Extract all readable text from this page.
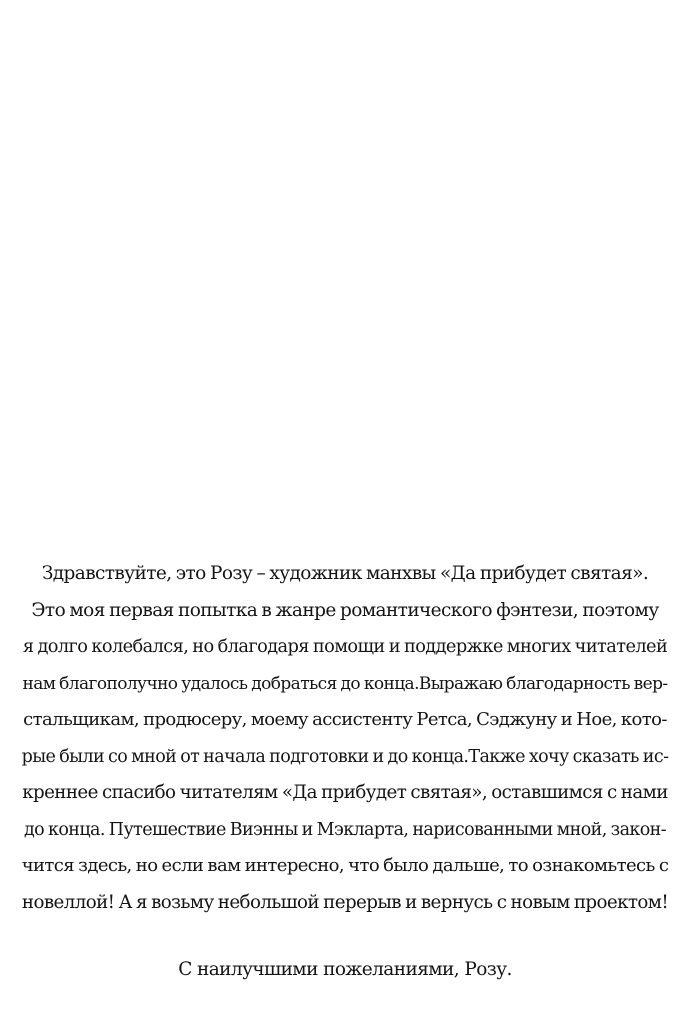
Здравствуйте, это Розу – художник манхвы «Да прибудет святая».
Это моя первая попытка в жанре романтического фэнтези, поэтому
я долго колебался, но благодаря помощи и поддержке многих читателей
нам благополучно удалось добраться до конца.Выражаю благодарность вер-
стальщикам, продюсеру, моему ассистенту Ретса, Сэджуну и Ное, кото-
рые были со мной от начала подготовки и до конца.Также хочу сказать ис-
креннее спасибо читателям «Да прибудет святая», оставшимся с нами
до конца. Путешествие Виэнны и Мэкларта, нарисованными мной, закон-
чится здесь, но если вам интересно, что было дальше, то ознакомьтесь с
новеллой! А я возьму небольшой перерыв и вернусь с новым проектом!
С наилучшими пожеланиями, Розу.
